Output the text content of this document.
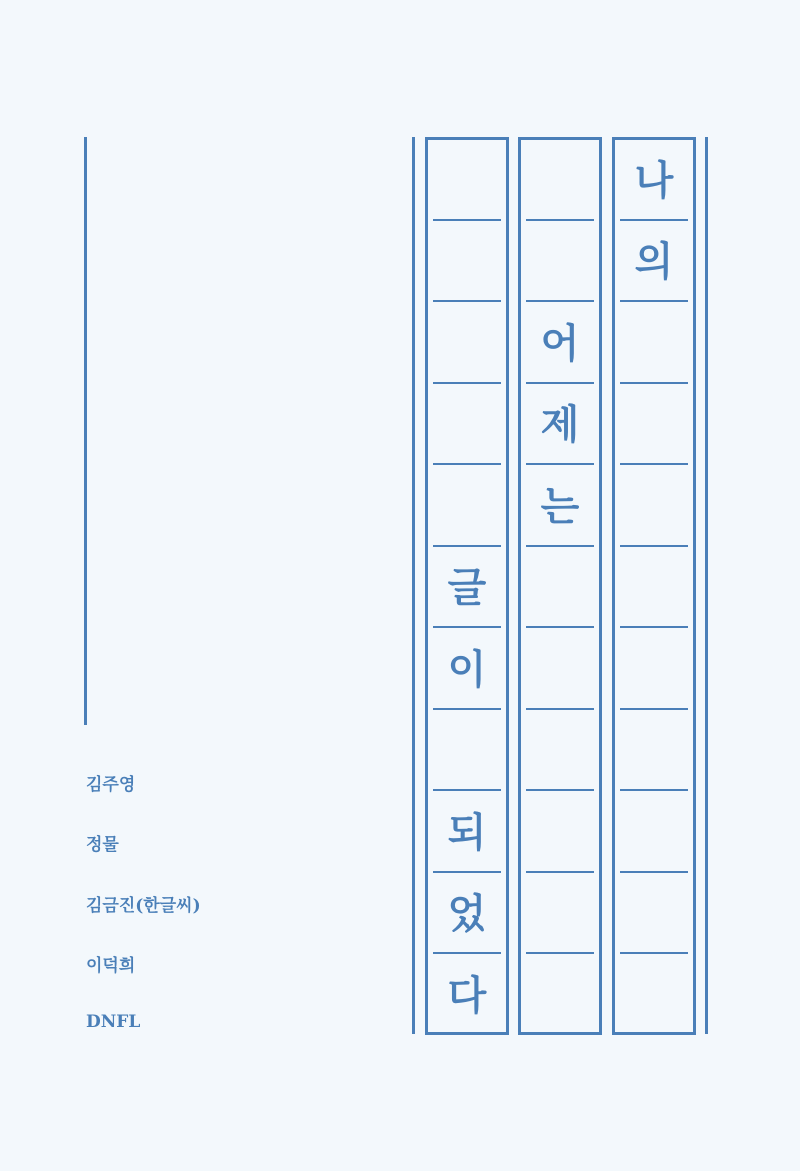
김주영
정물
김금진(한글씨)
이덕희
DNFL
글
이
되
었
다
어
제
는
나
의
